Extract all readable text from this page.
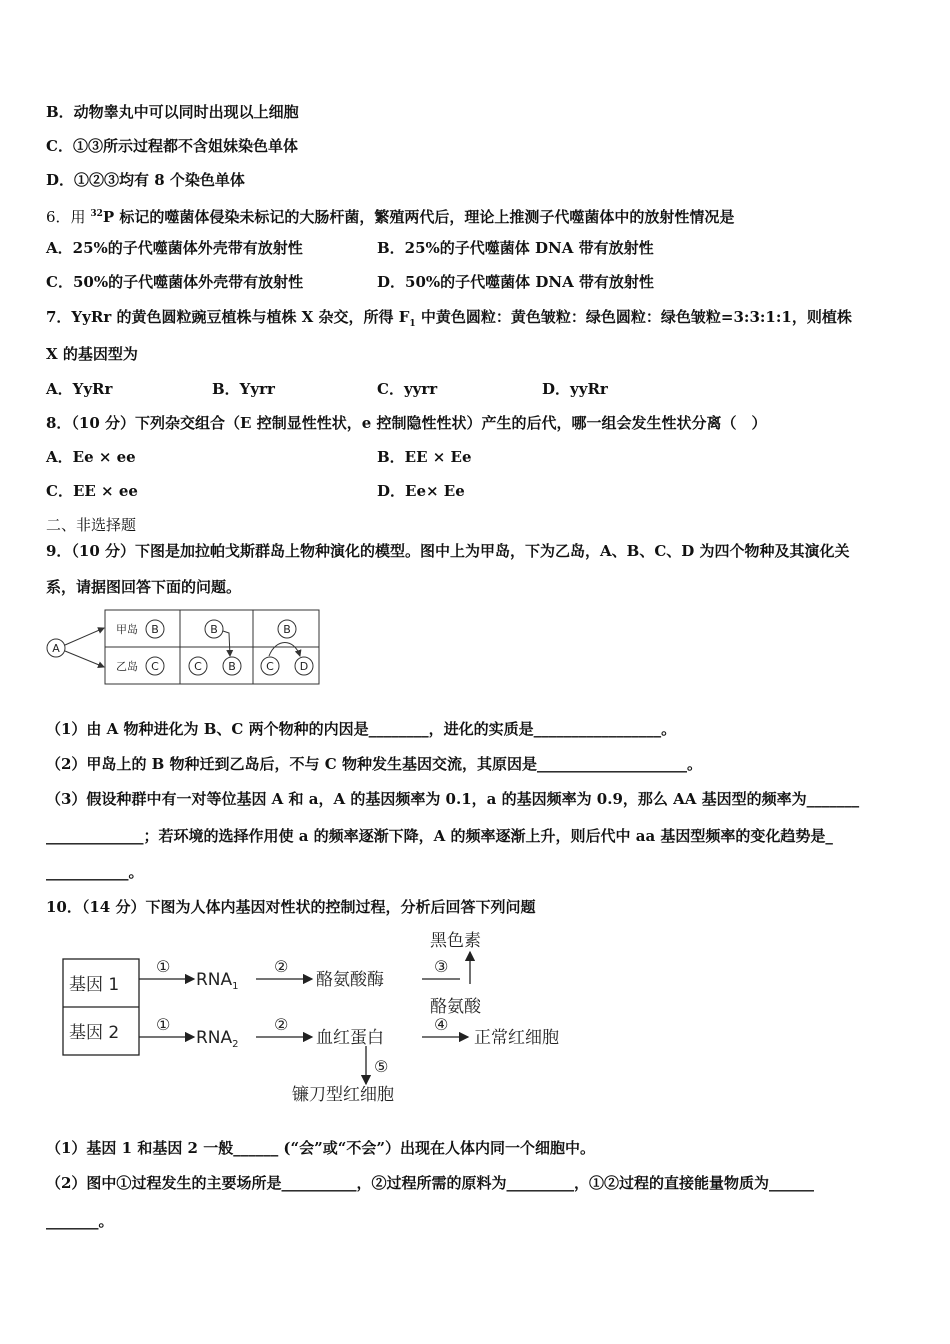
B．动物睾丸中可以同时出现以上细胞
C．①③所示过程都不含姐妹染色单体
D．①②③均有 8 个染色单体
6．用 $^{32}$P 标记的噬菌体侵染未标记的大肠杆菌，繁殖两代后，理论上推测子代噬菌体中的放射性情况是
A．25%的子代噬菌体外壳带有放射性	B．25%的子代噬菌体 DNA 带有放射性
C．50%的子代噬菌体外壳带有放射性	D．50%的子代噬菌体 DNA 带有放射性
7．YyRr 的黄色圆粒豌豆植株与植株 X 杂交，所得 $F_1$ 中黄色圆粒：黄色皱粒：绿色圆粒：绿色皱粒=3:3:1:1，则植株
X 的基因型为
A．YyRr	B．Yyrr	C．yyrr	D．yyRr
8．（10 分）下列杂交组合（E 控制显性性状，e 控制隐性性状）产生的后代，哪一组会发生性状分离（　）
A．Ee × ee	B．EE × Ee
C．EE × ee	D．Ee× Ee
二、非选择题
9．（10 分）下图是加拉帕戈斯群岛上物种演化的模型。图中上为甲岛，下为乙岛，A、B、C、D 为四个物种及其演化关
系，请据图回答下面的问题。
A
甲岛
乙岛
B
C
B
C B
B
C D
（1）由 A 物种进化为 B、C 两个物种的内因是________，进化的实质是_________________。
（2）甲岛上的 B 物种迁到乙岛后，不与 C 物种发生基因交流，其原因是____________________。
（3）假设种群中有一对等位基因 A 和 a，A 的基因频率为 0.1，a 的基因频率为 0.9，那么 AA 基因型的频率为_______
_____________；若环境的选择作用使 a 的频率逐渐下降，A 的频率逐渐上升，则后代中 aa 基因型频率的变化趋势是_
___________。
10．（14 分）下图为人体内基因对性状的控制过程，分析后回答下列问题
基因 1
基因 2
$RNA_1$
$RNA_2$
酪氨酸酶
黑色素
酪氨酸
血红蛋白	正常红细胞
镰刀型红细胞
①	②	③
①	②	④
⑤
（1）基因 1 和基因 2 一般______ (“会”或“不会”）出现在人体内同一个细胞中。
（2）图中①过程发生的主要场所是__________，②过程所需的原料为_________，①②过程的直接能量物质为______
_______。
